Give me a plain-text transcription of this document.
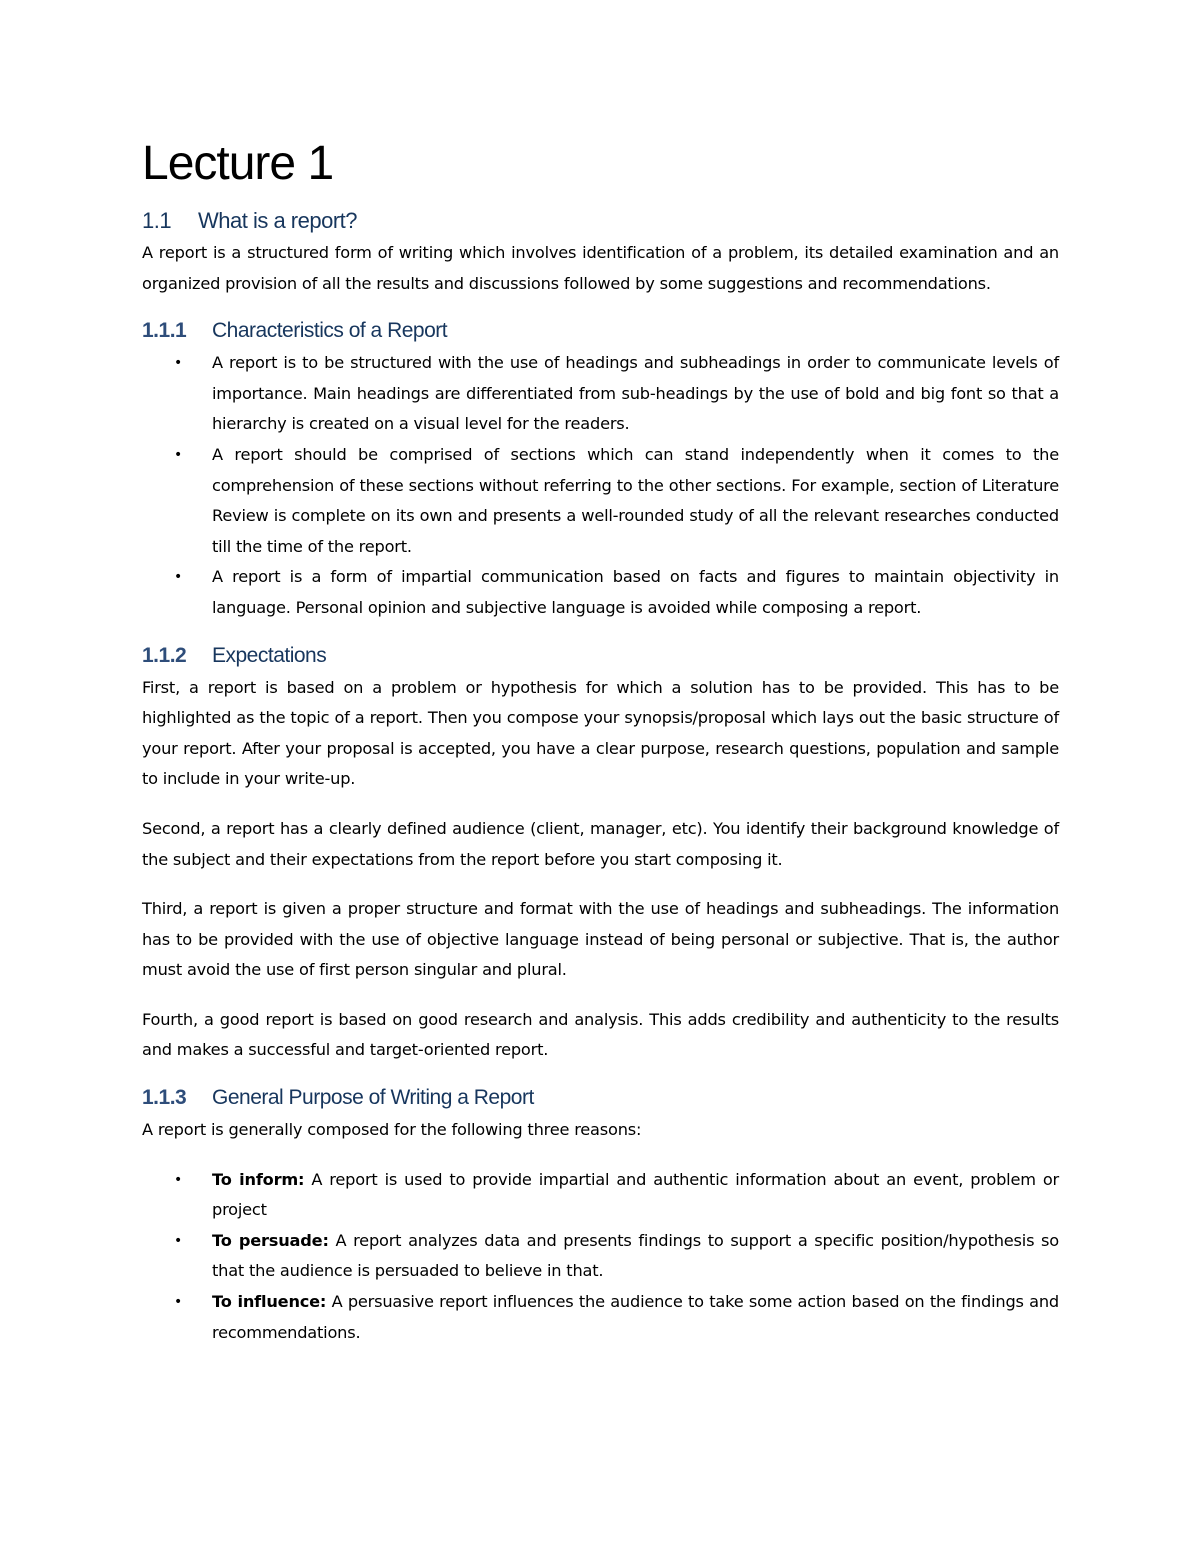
Lecture 1
1.1 What is a report?

A report is a structured form of writing which involves identification of a problem, its detailed examination and an organized provision of all the results and discussions followed by some suggestions and recommendations.

1.1.1 Characteristics of a Report
• A report is to be structured with the use of headings and subheadings in order to communicate levels of importance. Main headings are differentiated from sub-headings by the use of bold and big font so that a hierarchy is created on a visual level for the readers.
• A report should be comprised of sections which can stand independently when it comes to the comprehension of these sections without referring to the other sections. For example, section of Literature Review is complete on its own and presents a well-rounded study of all the relevant researches conducted till the time of the report.
• A report is a form of impartial communication based on facts and figures to maintain objectivity in language. Personal opinion and subjective language is avoided while composing a report.
1.1.2 Expectations

First, a report is based on a problem or hypothesis for which a solution has to be provided. This has to be highlighted as the topic of a report. Then you compose your synopsis/proposal which lays out the basic structure of your report. After your proposal is accepted, you have a clear purpose, research questions, population and sample to include in your write-up.

Second, a report has a clearly defined audience (client, manager, etc). You identify their background knowledge of the subject and their expectations from the report before you start composing it.

Third, a report is given a proper structure and format with the use of headings and subheadings. The information has to be provided with the use of objective language instead of being personal or subjective. That is, the author must avoid the use of first person singular and plural.

Fourth, a good report is based on good research and analysis. This adds credibility and authenticity to the results and makes a successful and target-oriented report.

1.1.3 General Purpose of Writing a Report

A report is generally composed for the following three reasons:

• To inform: A report is used to provide impartial and authentic information about an event, problem or project
• To persuade: A report analyzes data and presents findings to support a specific position/hypothesis so that the audience is persuaded to believe in that.
• To influence: A persuasive report influences the audience to take some action based on the findings and recommendations.
